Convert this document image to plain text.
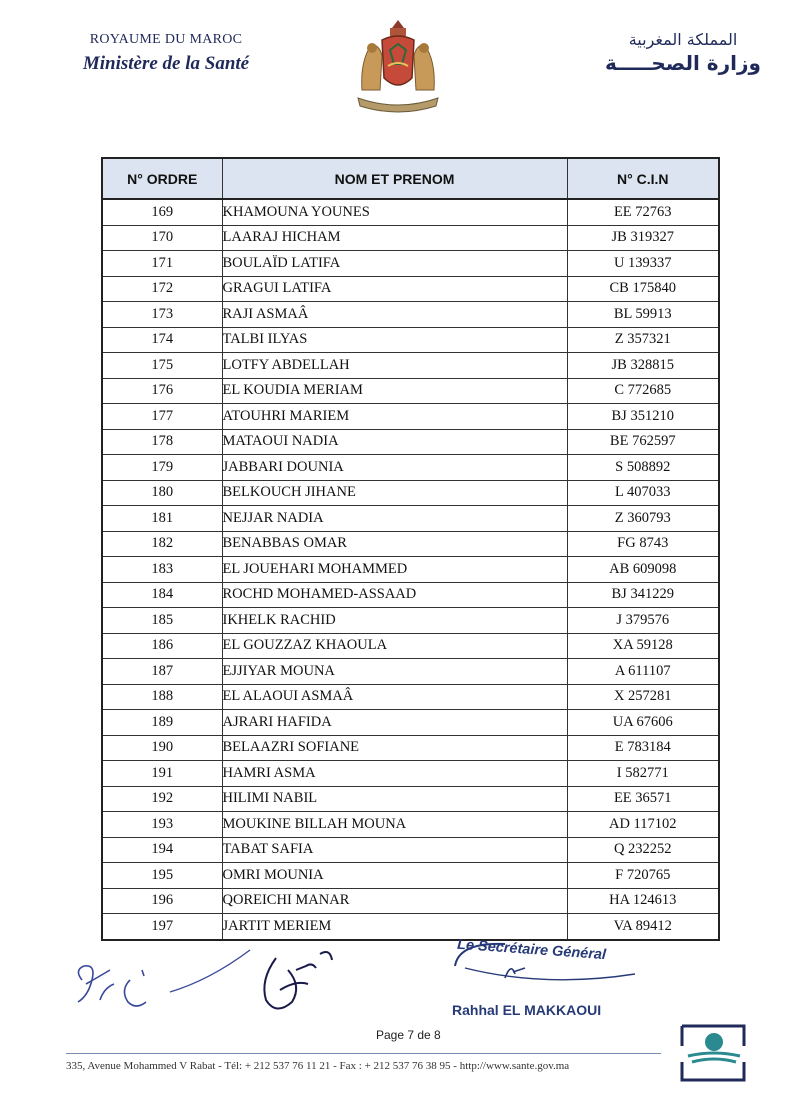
ROYAUME DU MAROC
Ministère de la Santé
المملكة المغربية
وزارة الصحـــــة
N° ORDRE	NOM ET PRENOM	N° C.I.N
169	KHAMOUNA YOUNES	EE 72763
170	LAARAJ HICHAM	JB 319327
171	BOULAÏD LATIFA	U 139337
172	GRAGUI LATIFA	CB 175840
173	RAJI ASMAÂ	BL 59913
174	TALBI ILYAS	Z 357321
175	LOTFY ABDELLAH	JB 328815
176	EL KOUDIA MERIAM	C 772685
177	ATOUHRI MARIEM	BJ 351210
178	MATAOUI NADIA	BE 762597
179	JABBARI DOUNIA	S 508892
180	BELKOUCH JIHANE	L 407033
181	NEJJAR NADIA	Z 360793
182	BENABBAS OMAR	FG 8743
183	EL JOUEHARI MOHAMMED	AB 609098
184	ROCHD MOHAMED-ASSAAD	BJ 341229
185	IKHELK RACHID	J 379576
186	EL GOUZZAZ KHAOULA	XA 59128
187	EJJIYAR MOUNA	A 611107
188	EL ALAOUI ASMAÂ	X 257281
189	AJRARI HAFIDA	UA 67606
190	BELAAZRI SOFIANE	E 783184
191	HAMRI ASMA	I 582771
192	HILIMI NABIL	EE 36571
193	MOUKINE BILLAH MOUNA	AD 117102
194	TABAT SAFIA	Q 232252
195	OMRI MOUNIA	F 720765
196	QOREICHI MANAR	HA 124613
197	JARTIT MERIEM	VA 89412
Le Secrétaire Général
Rahhal EL MAKKAOUI
Page 7 de 8
335, Avenue Mohammed V Rabat - Tél: + 212 537 76 11 21 - Fax : + 212 537 76 38 95 - http://www.sante.gov.ma
